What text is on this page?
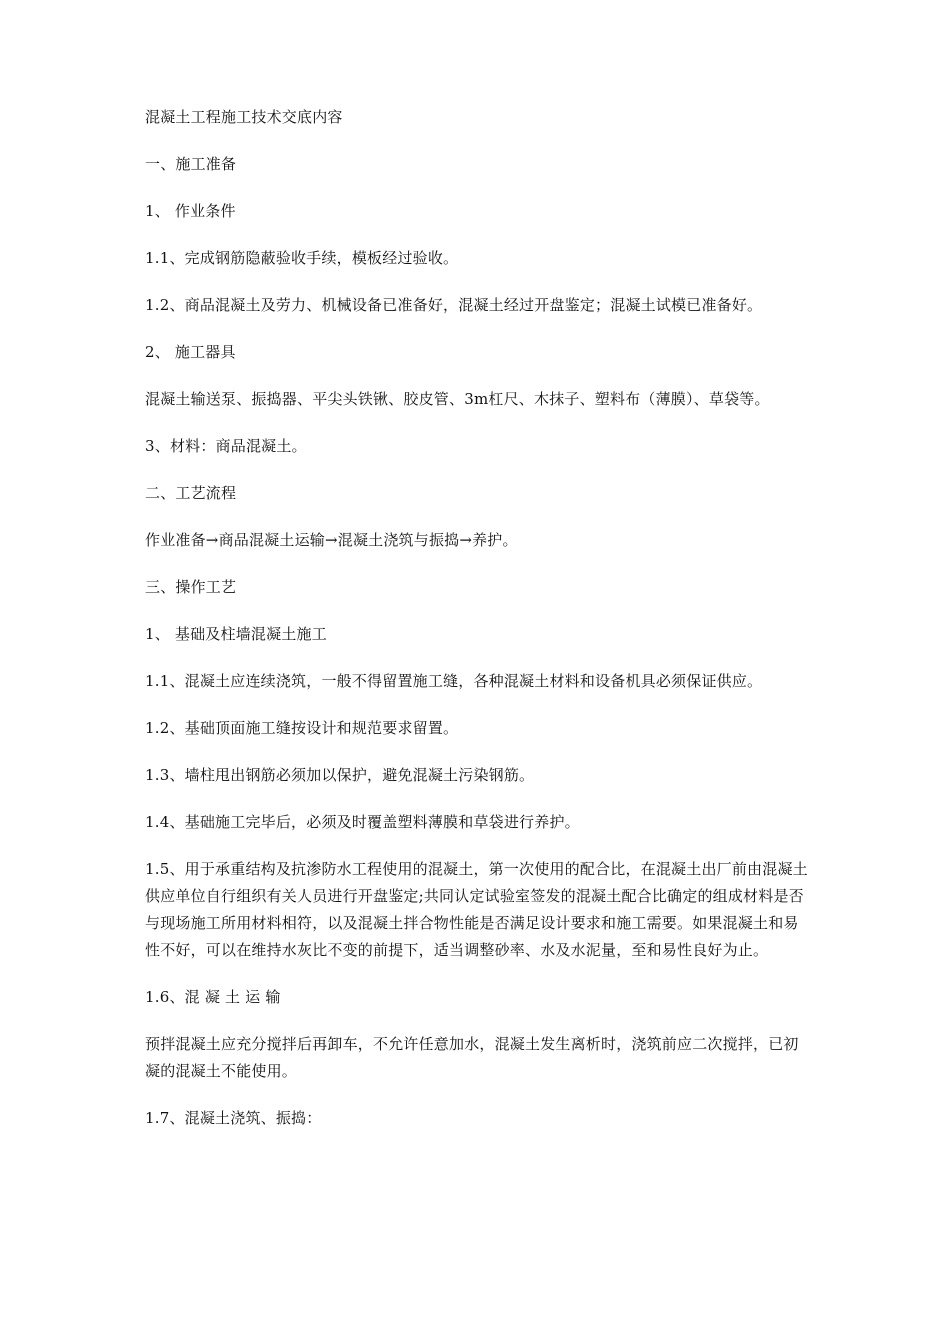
混凝土工程施工技术交底内容

一、施工准备

1、 作业条件

1.1、完成钢筋隐蔽验收手续，模板经过验收。

1.2、商品混凝土及劳力、机械设备已准备好，混凝土经过开盘鉴定；混凝土试模已准备好。

2、 施工器具

混凝土输送泵、振捣器、平尖头铁锹、胶皮管、3m杠尺、木抹子、塑料布（薄膜）、草袋等。

3、材料：商品混凝土。

二、工艺流程

作业准备→商品混凝土运输→混凝土浇筑与振捣→养护。

三、操作工艺

1、 基础及柱墙混凝土施工

1.1、混凝土应连续浇筑，一般不得留置施工缝，各种混凝土材料和设备机具必须保证供应。

1.2、基础顶面施工缝按设计和规范要求留置。

1.3、墙柱甩出钢筋必须加以保护，避免混凝土污染钢筋。

1.4、基础施工完毕后，必须及时覆盖塑料薄膜和草袋进行养护。

1.5、用于承重结构及抗渗防水工程使用的混凝土，第一次使用的配合比，在混凝土出厂前由混凝土供应单位自行组织有关人员进行开盘鉴定;共同认定试验室签发的混凝土配合比确定的组成材料是否与现场施工所用材料相符，以及混凝土拌合物性能是否满足设计要求和施工需要。如果混凝土和易性不好，可以在维持水灰比不变的前提下，适当调整砂率、水及水泥量，至和易性良好为止。

1.6、混 凝 土 运 输

预拌混凝土应充分搅拌后再卸车，不允许任意加水，混凝土发生离析时，浇筑前应二次搅拌，已初凝的混凝土不能使用。

1.7、混凝土浇筑、振捣：
